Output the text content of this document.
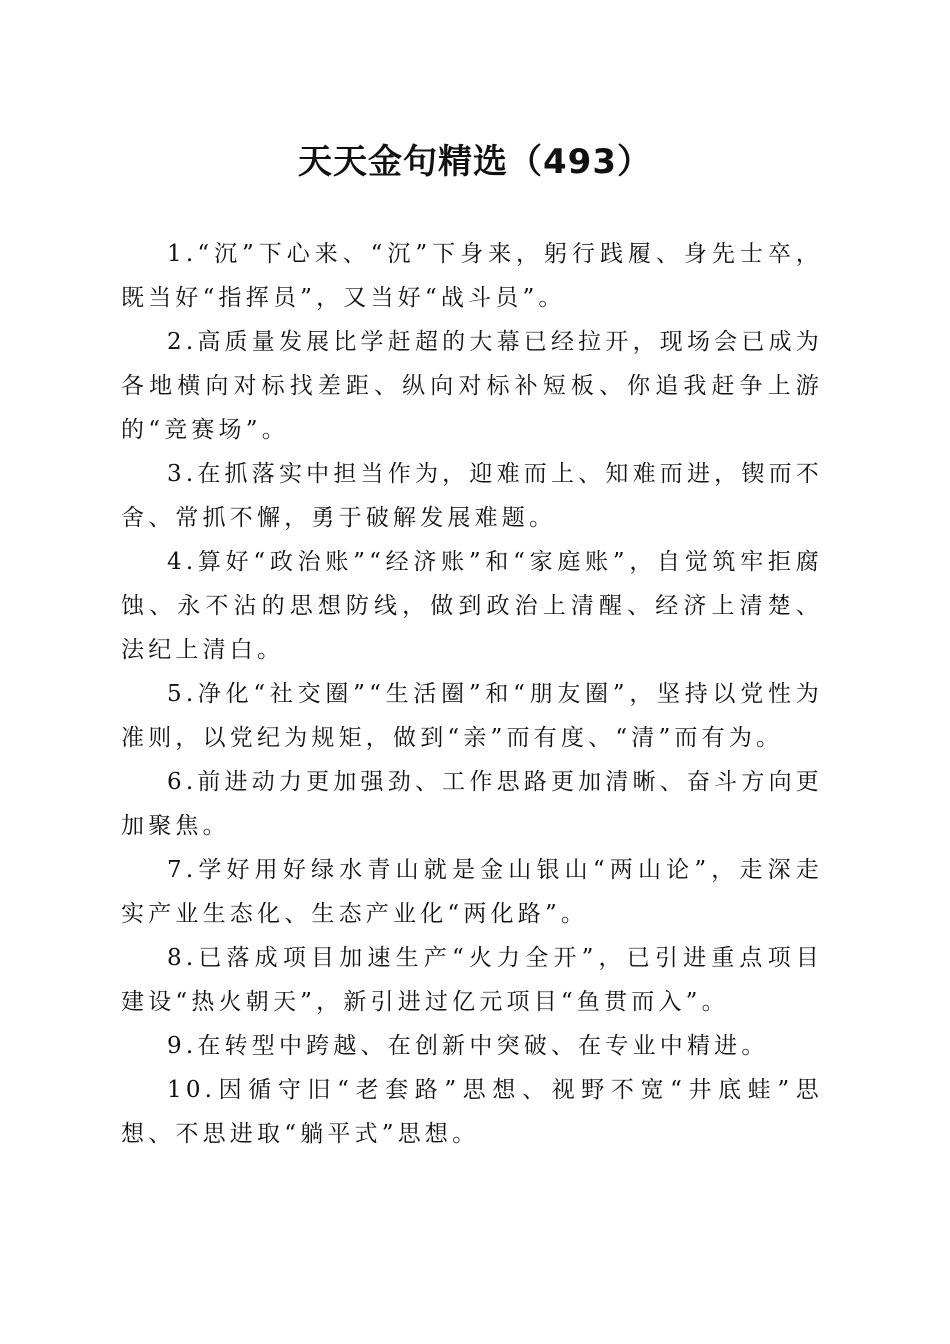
天天金句精选（493）

1.“沉”下心来、“沉”下身来，躬行践履、身先士卒，既当好“指挥员”，又当好“战斗员”。

2.高质量发展比学赶超的大幕已经拉开，现场会已成为各地横向对标找差距、纵向对标补短板、你追我赶争上游的“竞赛场”。

3.在抓落实中担当作为，迎难而上、知难而进，锲而不舍、常抓不懈，勇于破解发展难题。

4.算好“政治账”“经济账”和“家庭账”，自觉筑牢拒腐蚀、永不沾的思想防线，做到政治上清醒、经济上清楚、法纪上清白。

5.净化“社交圈”“生活圈”和“朋友圈”，坚持以党性为准则，以党纪为规矩，做到“亲”而有度、“清”而有为。

6.前进动力更加强劲、工作思路更加清晰、奋斗方向更加聚焦。

7.学好用好绿水青山就是金山银山“两山论”，走深走实产业生态化、生态产业化“两化路”。

8.已落成项目加速生产“火力全开”，已引进重点项目建设“热火朝天”，新引进过亿元项目“鱼贯而入”。

9.在转型中跨越、在创新中突破、在专业中精进。

10.因循守旧“老套路”思想、视野不宽“井底蛙”思想、不思进取“躺平式”思想。
